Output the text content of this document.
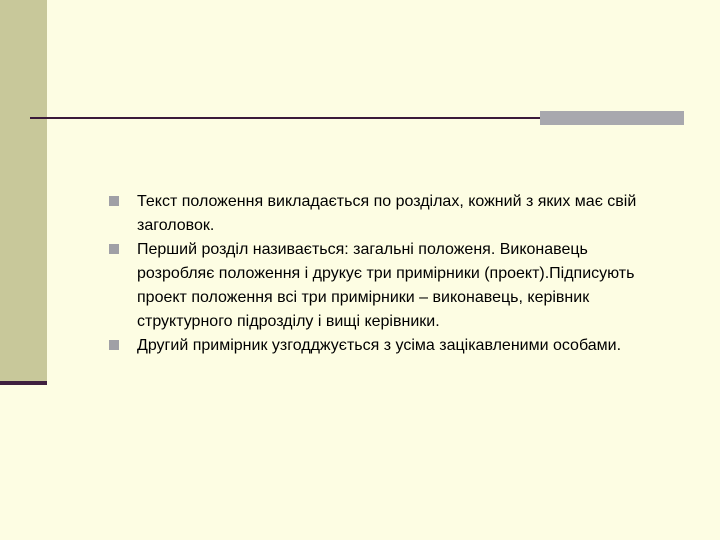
Текст положення викладається по розділах, кожний з яких має свій заголовок.
Перший розділ називається: загальні положеня. Виконавець розробляє положення і друкує три примірники (проект).Підписують проект положення всі три примірники – виконавець, керівник структурного підрозділу і вищі керівники.
Другий примірник узгодджується з усіма зацікавленими особами.
